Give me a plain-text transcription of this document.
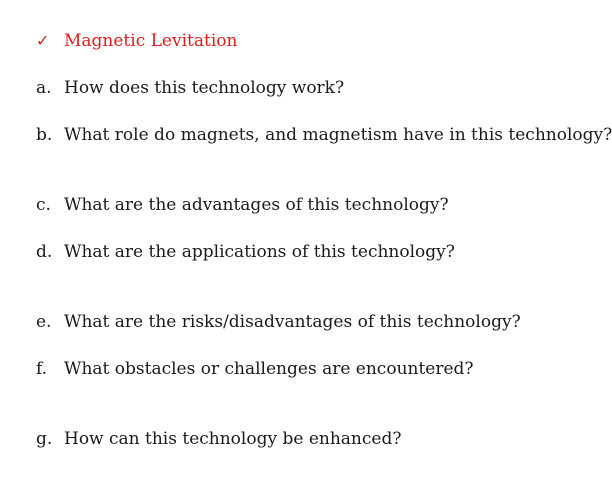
✓ Magnetic Levitation
a. How does this technology work?
b. What role do magnets, and magnetism have in this technology?
c. What are the advantages of this technology?
d. What are the applications of this technology?
e. What are the risks/disadvantages of this technology?
f. What obstacles or challenges are encountered?
g. How can this technology be enhanced?
